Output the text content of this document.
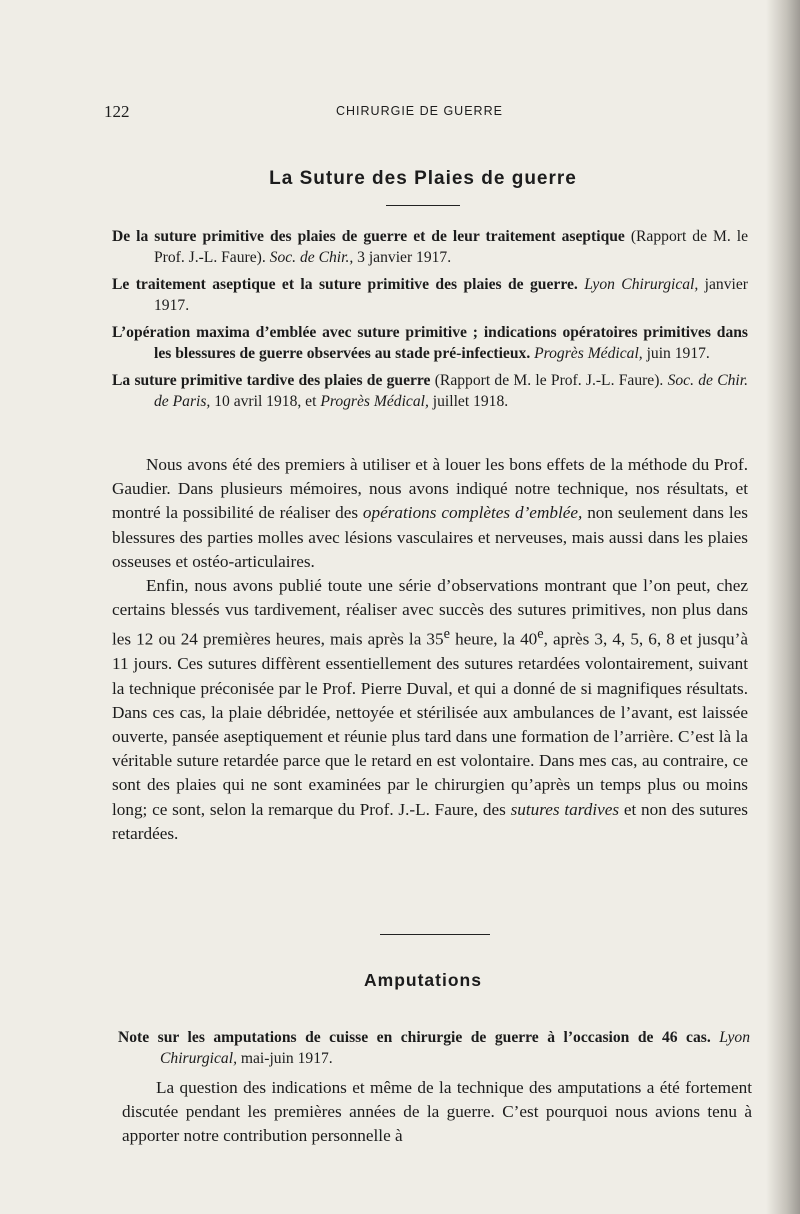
122	CHIRURGIE DE GUERRE
La Suture des Plaies de guerre

De la suture primitive des plaies de guerre et de leur traitement aseptique (Rapport de M. le Prof. J.-L. Faure). Soc. de Chir., 3 janvier 1917.

Le traitement aseptique et la suture primitive des plaies de guerre. Lyon Chirurgical, janvier 1917.

L’opération maxima d’emblée avec suture primitive ; indications opératoires primitives dans les blessures de guerre observées au stade pré-infectieux. Progrès Médical, juin 1917.

La suture primitive tardive des plaies de guerre (Rapport de M. le Prof. J.-L. Faure). Soc. de Chir. de Paris, 10 avril 1918, et Progrès Médical, juillet 1918.

Nous avons été des premiers à utiliser et à louer les bons effets de la méthode du Prof. Gaudier. Dans plusieurs mémoires, nous avons indiqué notre technique, nos résultats, et montré la possibilité de réaliser des opérations complètes d’emblée, non seulement dans les blessures des parties molles avec lésions vasculaires et nerveuses, mais aussi dans les plaies osseuses et ostéo-articulaires.

Enfin, nous avons publié toute une série d’observations montrant que l’on peut, chez certains blessés vus tardivement, réaliser avec succès des sutures primitives, non plus dans les 12 ou 24 premières heures, mais après la 35e heure, la 40e, après 3, 4, 5, 6, 8 et jusqu’à 11 jours. Ces sutures diffèrent essentiellement des sutures retardées volontairement, suivant la technique préconisée par le Prof. Pierre Duval, et qui a donné de si magnifiques résultats. Dans ces cas, la plaie débridée, nettoyée et stérilisée aux ambulances de l’avant, est laissée ouverte, pansée aseptiquement et réunie plus tard dans une formation de l’arrière. C’est là la véritable suture retardée parce que le retard en est volontaire. Dans mes cas, au contraire, ce sont des plaies qui ne sont examinées par le chirurgien qu’après un temps plus ou moins long; ce sont, selon la remarque du Prof. J.-L. Faure, des sutures tardives et non des sutures retardées.

Amputations

Note sur les amputations de cuisse en chirurgie de guerre à l’occasion de 46 cas. Lyon Chirurgical, mai-juin 1917.

La question des indications et même de la technique des amputations a été fortement discutée pendant les premières années de la guerre. C’est pourquoi nous avions tenu à apporter notre contribution personnelle à
